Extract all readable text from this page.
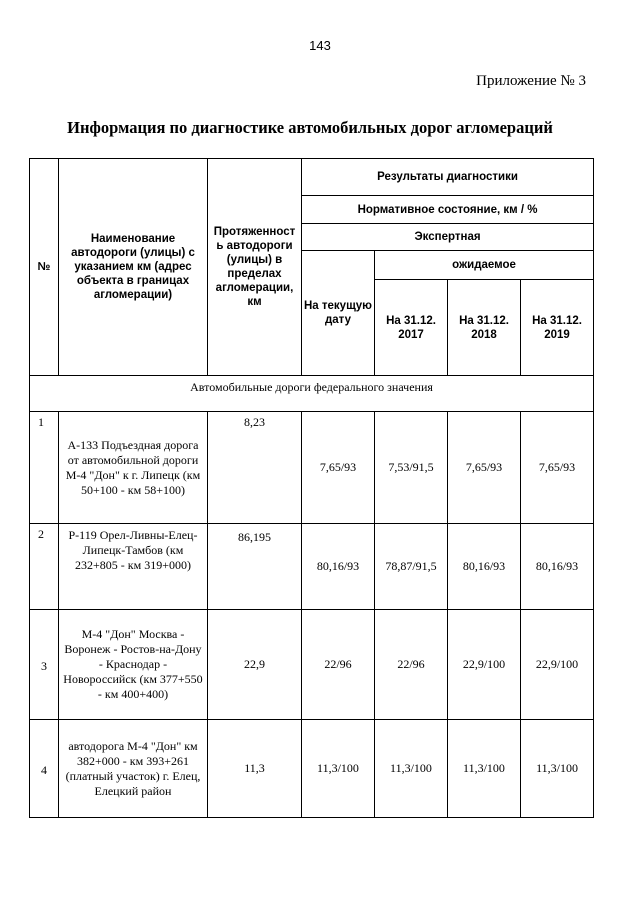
143
Приложение № 3
Информация по диагностике автомобильных дорог агломераций
№	Наименование автодороги (улицы) с указанием км (адрес объекта в границах агломерации)	Протяженност ь автодороги (улицы) в пределах агломерации, км	Результаты диагностики			
			Нормативное состояние, км / %			
			Экспертная			
			На текущую дату	ожидаемое		
				На 31.12. 2017	На 31.12. 2018	На 31.12. 2019

Автомобильные дороги федерального значения						
1	А-133 Подъездная дорога от автомобильной дороги М-4 "Дон" к г. Липецк (км 50+100 - км 58+100)	8,23	7,65/93	7,53/91,5	7,65/93	7,65/93
2	Р-119 Орел-Ливны-Елец-Липецк-Тамбов (км 232+805 - км 319+000)	86,195	80,16/93	78,87/91,5	80,16/93	80,16/93
3	М-4 "Дон" Москва - Воронеж - Ростов-на-Дону - Краснодар - Новороссийск (км 377+550 - км 400+400)	22,9	22/96	22/96	22,9/100	22,9/100
4	автодорога М-4 "Дон" км 382+000 - км 393+261 (платный участок) г. Елец, Елецкий район	11,3	11,3/100	11,3/100	11,3/100	11,3/100
